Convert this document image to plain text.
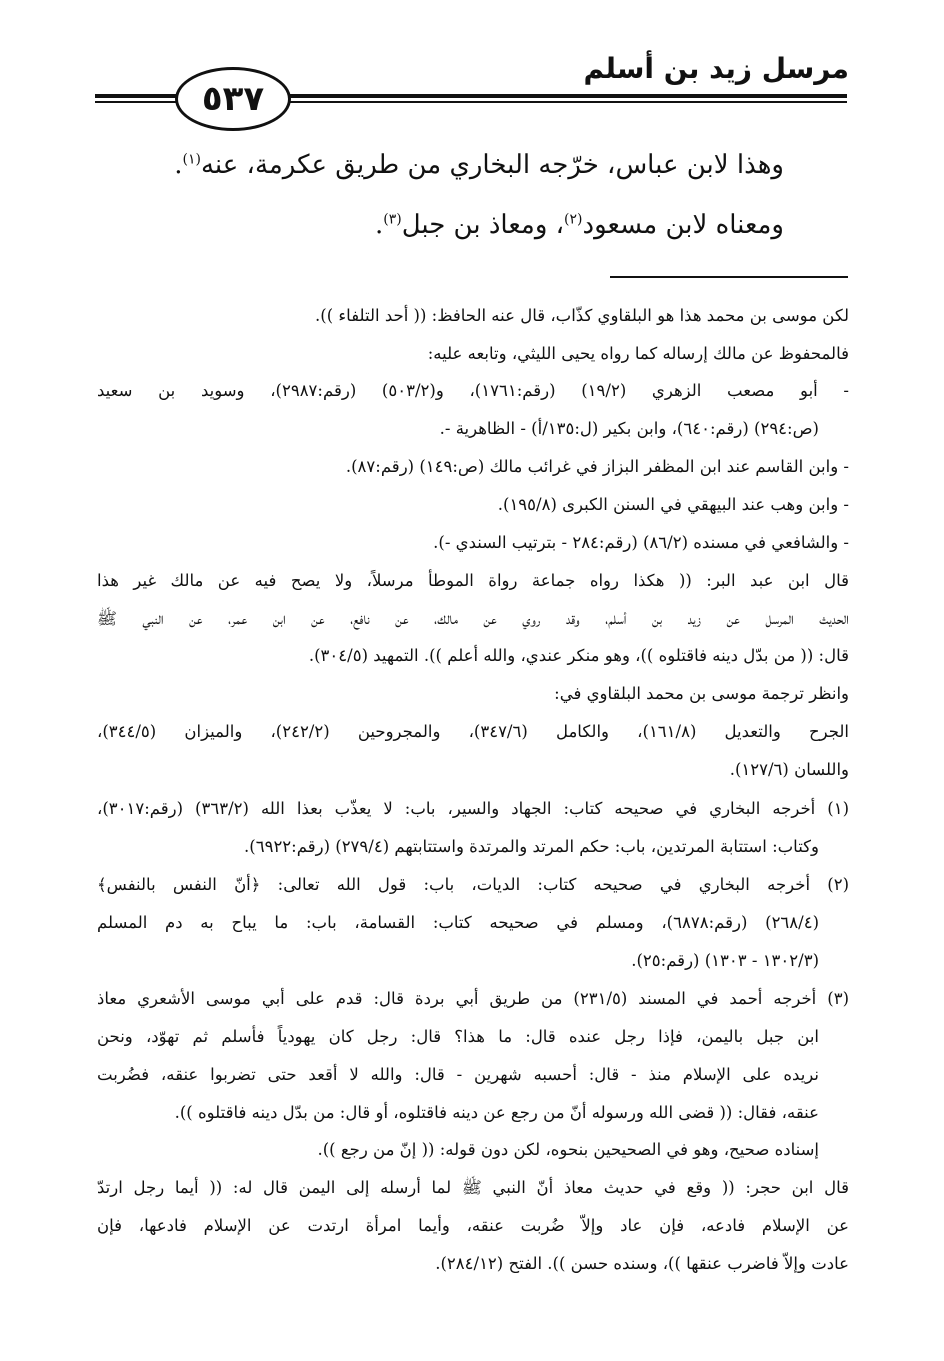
مرسل زيد بن أسلم
٥٣٧
وهذا لابن عباس، خرّجه البخاري من طريق عكرمة، عنه$^{(١)}$.
ومعناه لابن مسعود$^{(٢)}$، ومعاذ بن جبل$^{(٣)}$.
لكن موسى بن محمد هذا هو البلقاوي كذّاب، قال عنه الحافظ: (( أحد التلفاء )).
فالمحفوظ عن مالك إرساله كما رواه يحيى الليثي، وتابعه عليه:
- أبو مصعب الزهري (١٩/٢) (رقم:١٧٦١)، و(٥٠٣/٢) (رقم:٢٩٨٧)، وسويد بن سعيد
(ص:٢٩٤) (رقم:٦٤٠)، وابن بكير (ل:١٣٥/أ) - الظاهرية -.
- وابن القاسم عند ابن المظفر البزاز في غرائب مالك (ص:١٤٩) (رقم:٨٧).
- وابن وهب عند البيهقي في السنن الكبرى (١٩٥/٨).
- والشافعي في مسنده (٨٦/٢) (رقم:٢٨٤ - بترتيب السندي -).
قال ابن عبد البر: (( هكذا رواه جماعة رواة الموطأ مرسلاً، ولا يصح فيه عن مالك غير هذا
الحديث المرسل عن زيد بن أسلم، وقد روي عن مالك، عن نافع، عن ابن عمر، عن النبي ﷺ
قال: (( من بدّل دينه فاقتلوه ))، وهو منكر عندي، والله أعلم )). التمهيد (٣٠٤/٥).
وانظر ترجمة موسى بن محمد البلقاوي في:
الجرح والتعديل (١٦١/٨)، والكامل (٣٤٧/٦)، والمجروحين (٢٤٢/٢)، والميزان (٣٤٤/٥)،
واللسان (١٢٧/٦).
(١) أخرجه البخاري في صحيحه كتاب: الجهاد والسير، باب: لا يعذّب بعذا الله (٣٦٣/٢) (رقم:٣٠١٧)،
وكتاب: استتابة المرتدين، باب: حكم المرتد والمرتدة واستتابتهم (٢٧٩/٤) (رقم:٦٩٢٢).
(٢) أخرجه البخاري في صحيحه كتاب: الديات، باب: قول الله تعالى: ﴿أنّ النفس بالنفس﴾
(٢٦٨/٤) (رقم:٦٨٧٨)، ومسلم في صحيحه كتاب: القسامة، باب: ما يباح به دم المسلم
(١٣٠٢/٣ - ١٣٠٣) (رقم:٢٥).
(٣) أخرجه أحمد في المسند (٢٣١/٥) من طريق أبي بردة قال: قدم على أبي موسى الأشعري معاذ
ابن جبل باليمن، فإذا رجل عنده قال: ما هذا؟ قال: رجل كان يهودياً فأسلم ثم تهوّد، ونحن
نريده على الإسلام منذ - قال: أحسبه شهرين - قال: والله لا أقعد حتى تضربوا عنقه، فضُربت
عنقه، فقال: (( قضى الله ورسوله أنّ من رجع عن دينه فاقتلوه، أو قال: من بدّل دينه فاقتلوه )).
إسناده صحيح، وهو في الصحيحين بنحوه، لكن دون قوله: (( إنّ من رجع )).
قال ابن حجر: (( وقع في حديث معاذ أنّ النبي ﷺ لما أرسله إلى اليمن قال له: (( أيما رجل ارتدّ
عن الإسلام فادعه، فإن عاد وإلاّ ضُربت عنقه، وأيما امرأة ارتدت عن الإسلام فادعها، فإن
عادت وإلاّ فاضرب عنقها ))، وسنده حسن )). الفتح (٢٨٤/١٢).
